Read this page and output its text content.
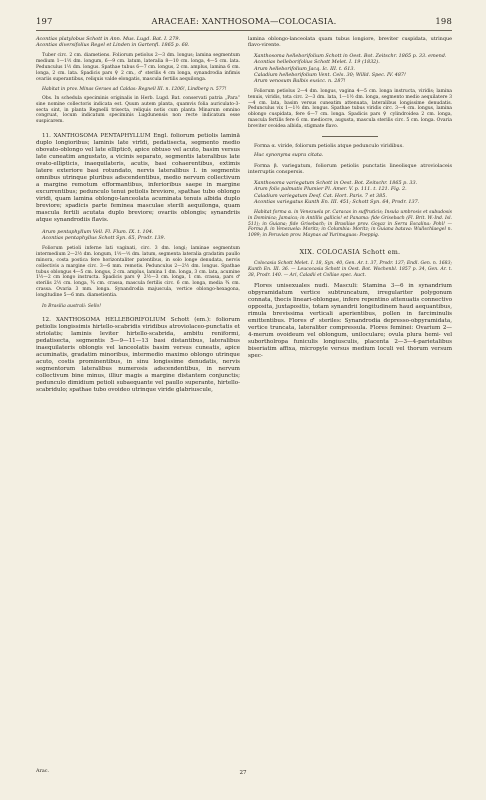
197	ARACEAE: XANTHOSOMA—COLOCASIA.	198

Acontias platylobus Schott in Ann. Mus. Lugd. Bat. I. 279.

Acontias diversifolius Regel et Linden in Gartenfl. 1865 p. 68.

Tuber circ. 2 cm. diametiens. Foliorum petiolus 2—3 dm. longus; lamina segmentum medium 1—1½ dm. longum, 6—9 cm. latum, lateralia 8—10 cm. longa, 4—5 cm. lata. Pedunculus 1½ dm. longus. Spathae tubus 6—7 cm. longus, 2 cm. amplus, lamina 6 cm. longa, 2 cm. lata. Spadicis pars ♀ 2 cm., ♂ sterilis 4 cm longa, synandrodia infimis ovariis superantibus, reliquis valde elongatis, mascula fertilis aequilonga.

Habitat in prov. Minas Geraes ad Caldas: Regnell III. n. 1206!, Lindberg n. 577!

Obs. In schedula speciminis originalis in Herb. Lugd. Bat. conservati patria „Para“ sine nomine collectoris indicata est. Quum autem planta, quamvis folia auriculato-3-secta sint, in planta Regnelli trisecta, reliquis notis cum planta Minarum omnino congruat, locum indicatum speciminis Lugdunensis non recte indicatum esse suspicarem.

11. XANTHOSOMA PENTAPHYLLUM Engl. foliorum petiolis laminā duplo longioribus; laminis late virīdi, pedatisecta, segmento medio obovato-oblongo vel late ellipticō, apice obtuso vel acuto, basim versus late cuneatim angustato, a vicinis separato, segmentis lateralibus late ovato-ellipticis, inaequilateris, acutis, basi cohaerentibus, extimis latere exteriore basi rotundato, nervis lateralibus I. in segmentis omnibus utrinque pluribus adscendentibus, medio nervum collectivum a margine remotum efformantibus, inferioribus saepe in margine excurrentibus; pedunculo tenui petiolis breviore, spathae tubo oblongo viridi, quam lamina oblongo-lanceolata acuminata tenuis albida duplo breviore; spadicis parte feminea masculae sterili aequilonga, quam mascula fertili acutata duplo breviore; ovariis oblongis; synandriis atque synandrodiis flavis.

Arum pentaphyllum Vell. Fl. Flum. IX. t. 104.

Acontias pentaphyllus Schott Syn. 65, Prodr. 139.

Foliorum petioli inferne lati vaginati, circ. 3 dm. longi; laminae segmentum intermedium 2—2½ dm. longum, 1½—½ dm. latum, segmenta lateralia gradatim paullo minora, costa postica fere horizontaliter patentibus, in solo longe denudata, nervis collectivis a margine circ. 3—6 mm. remotis. Pedunculus 2—2½ dm. longus. Spathae tubus oblongus 4—5 cm. longus, 2 cm. amplus, lamina 1 dm. longa, 3 cm. lata, acumine 1½—2 cm longo instructa. Spadicis pars ♀ 2½—3 cm. longa, 1 cm. crassa, pars ♂ sterilis 2½ cm. longa, ¾ cm. crassa, mascula fertilis circ. 6 cm. longa, media ¾ cm. crassa. Ovaria 3 mm. longa. Synandrodia majuscula, vertice oblongo-hexagona, longitudine 5—6 mm. diametientia.

In Brasilia australi: Sello!

12. XANTHOSOMA HELLEBORIFOLIUM Schott (em.): foliorum petiolis longissimis hirtello-scabridis viridibus atroviolaceo-punctatis et striolatis; laminis leviter hirtello-scabrida, ambitu reniformi, pedatisecta, segmentis 5—9—11—13 basi distantibus, lateralibus inaequilateris oblongis vel lanceolatis basim versus cuneatis, apice acuminatis, gradatim minoribus, intermedio maximo oblongo utrinque acuto, costis prominentibus, in sinu longissime denudatis, nervis segmentorum lateralibus numerosis adscendentibus, in nervum collectivum bine minus, illiur magis a margine distantem conjunctis; pedunculo dimidium petioli subaequante vel paullo superante, hirtello-scabridulo; spathae tubo ovoideo utrinque viride glabriuscule,

lamina oblongo-lanceolata quam tubus longiore, breviter cuspidata, utrinque flavo-virente.

Xanthosoma helleborifolium Schott in Oest. Bot. Zeitschr. 1865 p. 33. emend.

Acontias helleborifolius Schott Melet. I. 19 (1832).

Arum helleborifolium Jacq. Ic. III. t. 613.

Caladium helleborifolium Vent. Cels. 30; Willd. Spec. IV. 487!

Arum venosum Balbis exsicc. n. 287!

Foliorum petiolus 2—4 dm. longus, vagina 4—5 cm. longa instructa, viridis; lamina tenuis, viridis, tota circ. 2—3 dm. lata, 1—1½ dm. longa, segmento medio aequilatere 3—4 cm. lata, basim versus cuneatim attenuata, lateralibus longissime denudatis. Pedunculus vix 1—1½ dm. longus. Spathae tubus viridis circ. 3—4 cm. longus, lamina oblongo cuspidata, fere 6—7 cm. longa. Spadicis pars ♀ cylindroidea 2 cm. longa, mascula fertilis fere 6 cm. mediocre, augusta, mascula sterilis circ. 5 cm. longa. Ovaria breviter ovoidea albida, stigmate flavo.

Forma α. viride, foliorum petiolis atque pedunculo viridibus.

Huc synonyma supra citata.

Forma β. variegatum, foliorum petiolis punctatis lineolisque atroviolaceis interruptis conspersis.

Xanthosoma variegatum Schott in Oest. Bot. Zeitschr. 1865 p. 33.

Arum folis palmatis Plumier Pl. Amer. V. p. 111. t. 121. Fig. 2.

Caladium variegatum Desf. Cat. Hort. Paris. 7 et 385.

Acontias variegatus Kunth En. III. 451; Schott Syn. 64, Prodr. 137.

Habitat forma α. in Venezuela pr. Caracas in suffruticis; Insula umbrosis et subudosis in Dominica; Jamaica; in Antillis gallicis! et Panama: fide Grisebach (Fl. Brit. W.-Ind. Isl. 511); in Guiana; fide Grisebach; in Brasiliae prov. Goyaz in Serra Escalina: Pohl! — Forma β. in Venezuela: Moritz; in Columbia: Moritz; in Guiana batava: Wullschlaegel n. 1099; in Peruvian prov. Maynas ad Yurimaguas: Poeppig.

XIX. COLOCASIA Schott em.

Colocasia Schott Melet. I. 18, Syn. 40, Gen. Ar. t. 37, Prodr. 137; Endl. Gen. n. 1683; Kunth En. III. 36. — Leucocasia Schott in Oest. Bot. Wochenbl. 1857 p. 34, Gen. Ar. t. 38, Prodr. 140. — Ari, Caladii et Colliae spec. Auct.

Flores unisexuales nudi. Masculi: Stamina 3—6 in synandrium obpyramidatum vertice subtruncatum, irregulariter polygonum connata, thecis lineari-oblongae, infere repentino attenuatis connectivo opposita, juxtapositis, totam synandrii longitudinem haud aequantibus, rimula brevissima verticali aperientibus, pollen in farciminulis emittentibus. Flores ♂ steriles: Synandrodia depresso-obpyramidata, vertice truncata, lateraliter compressula. Flores feminei: Ovarium 2—4-merum ovoideum vel oblongum, uniloculare; ovula plura hemi- vel subortholropa funiculis longiusculis, placenta 2—3—4-parietalibus biseriatim affixa, micropyle versus medium loculi vel thorum versum spec-

Arac.	27
